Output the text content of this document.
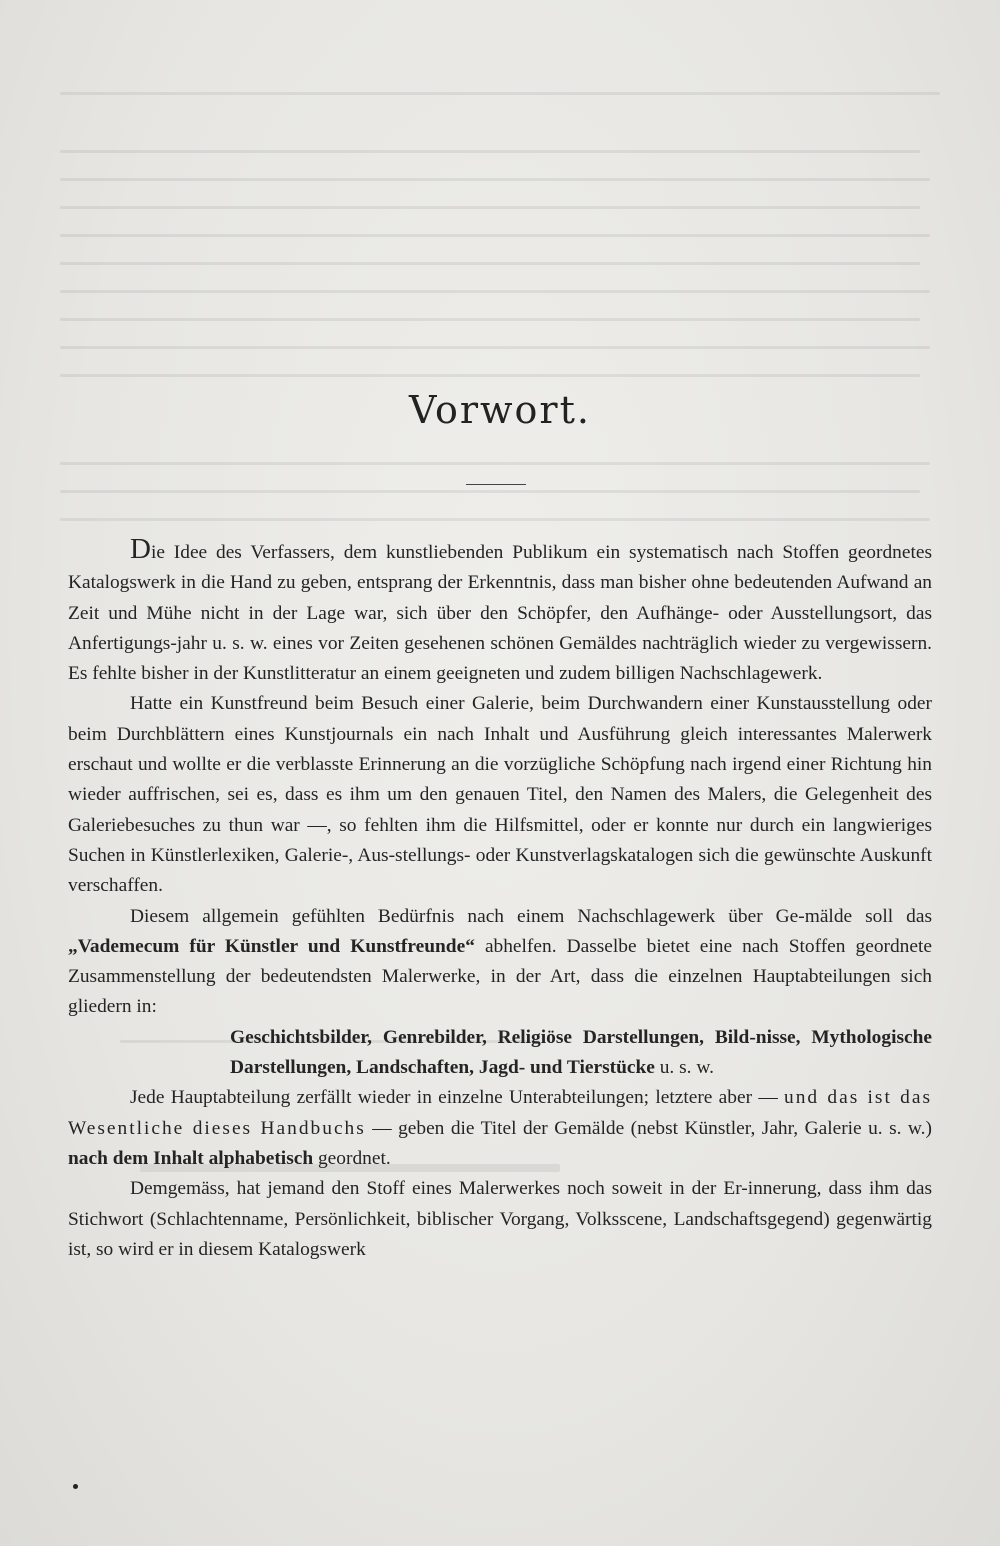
Vorwort.

Die Idee des Verfassers, dem kunstliebenden Publikum ein systematisch nach Stoffen geordnetes Katalogswerk in die Hand zu geben, entsprang der Erkenntnis, dass man bisher ohne bedeutenden Aufwand an Zeit und Mühe nicht in der Lage war, sich über den Schöpfer, den Aufhänge- oder Ausstellungsort, das Anfertigungs-jahr u. s. w. eines vor Zeiten gesehenen schönen Gemäldes nachträglich wieder zu vergewissern. Es fehlte bisher in der Kunstlitteratur an einem geeigneten und zudem billigen Nachschlagewerk.

Hatte ein Kunstfreund beim Besuch einer Galerie, beim Durchwandern einer Kunstausstellung oder beim Durchblättern eines Kunstjournals ein nach Inhalt und Ausführung gleich interessantes Malerwerk erschaut und wollte er die verblasste Erinnerung an die vorzügliche Schöpfung nach irgend einer Richtung hin wieder auffrischen, sei es, dass es ihm um den genauen Titel, den Namen des Malers, die Gelegenheit des Galeriebesuches zu thun war —, so fehlten ihm die Hilfsmittel, oder er konnte nur durch ein langwieriges Suchen in Künstlerlexiken, Galerie-, Aus-stellungs- oder Kunstverlagskatalogen sich die gewünschte Auskunft verschaffen.

Diesem allgemein gefühlten Bedürfnis nach einem Nachschlagewerk über Ge-mälde soll das „Vademecum für Künstler und Kunstfreunde“ abhelfen. Dasselbe bietet eine nach Stoffen geordnete Zusammenstellung der bedeutendsten Malerwerke, in der Art, dass die einzelnen Hauptabteilungen sich gliedern in:

Geschichtsbilder, Genrebilder, Religiöse Darstellungen, Bild-nisse, Mythologische Darstellungen, Landschaften, Jagd- und Tierstücke u. s. w.

Jede Hauptabteilung zerfällt wieder in einzelne Unterabteilungen; letztere aber — und das ist das Wesentliche dieses Handbuchs — geben die Titel der Gemälde (nebst Künstler, Jahr, Galerie u. s. w.) nach dem Inhalt alphabetisch geordnet.

Demgemäss, hat jemand den Stoff eines Malerwerkes noch soweit in der Er-innerung, dass ihm das Stichwort (Schlachtenname, Persönlichkeit, biblischer Vorgang, Volksscene, Landschaftsgegend) gegenwärtig ist, so wird er in diesem Katalogswerk
